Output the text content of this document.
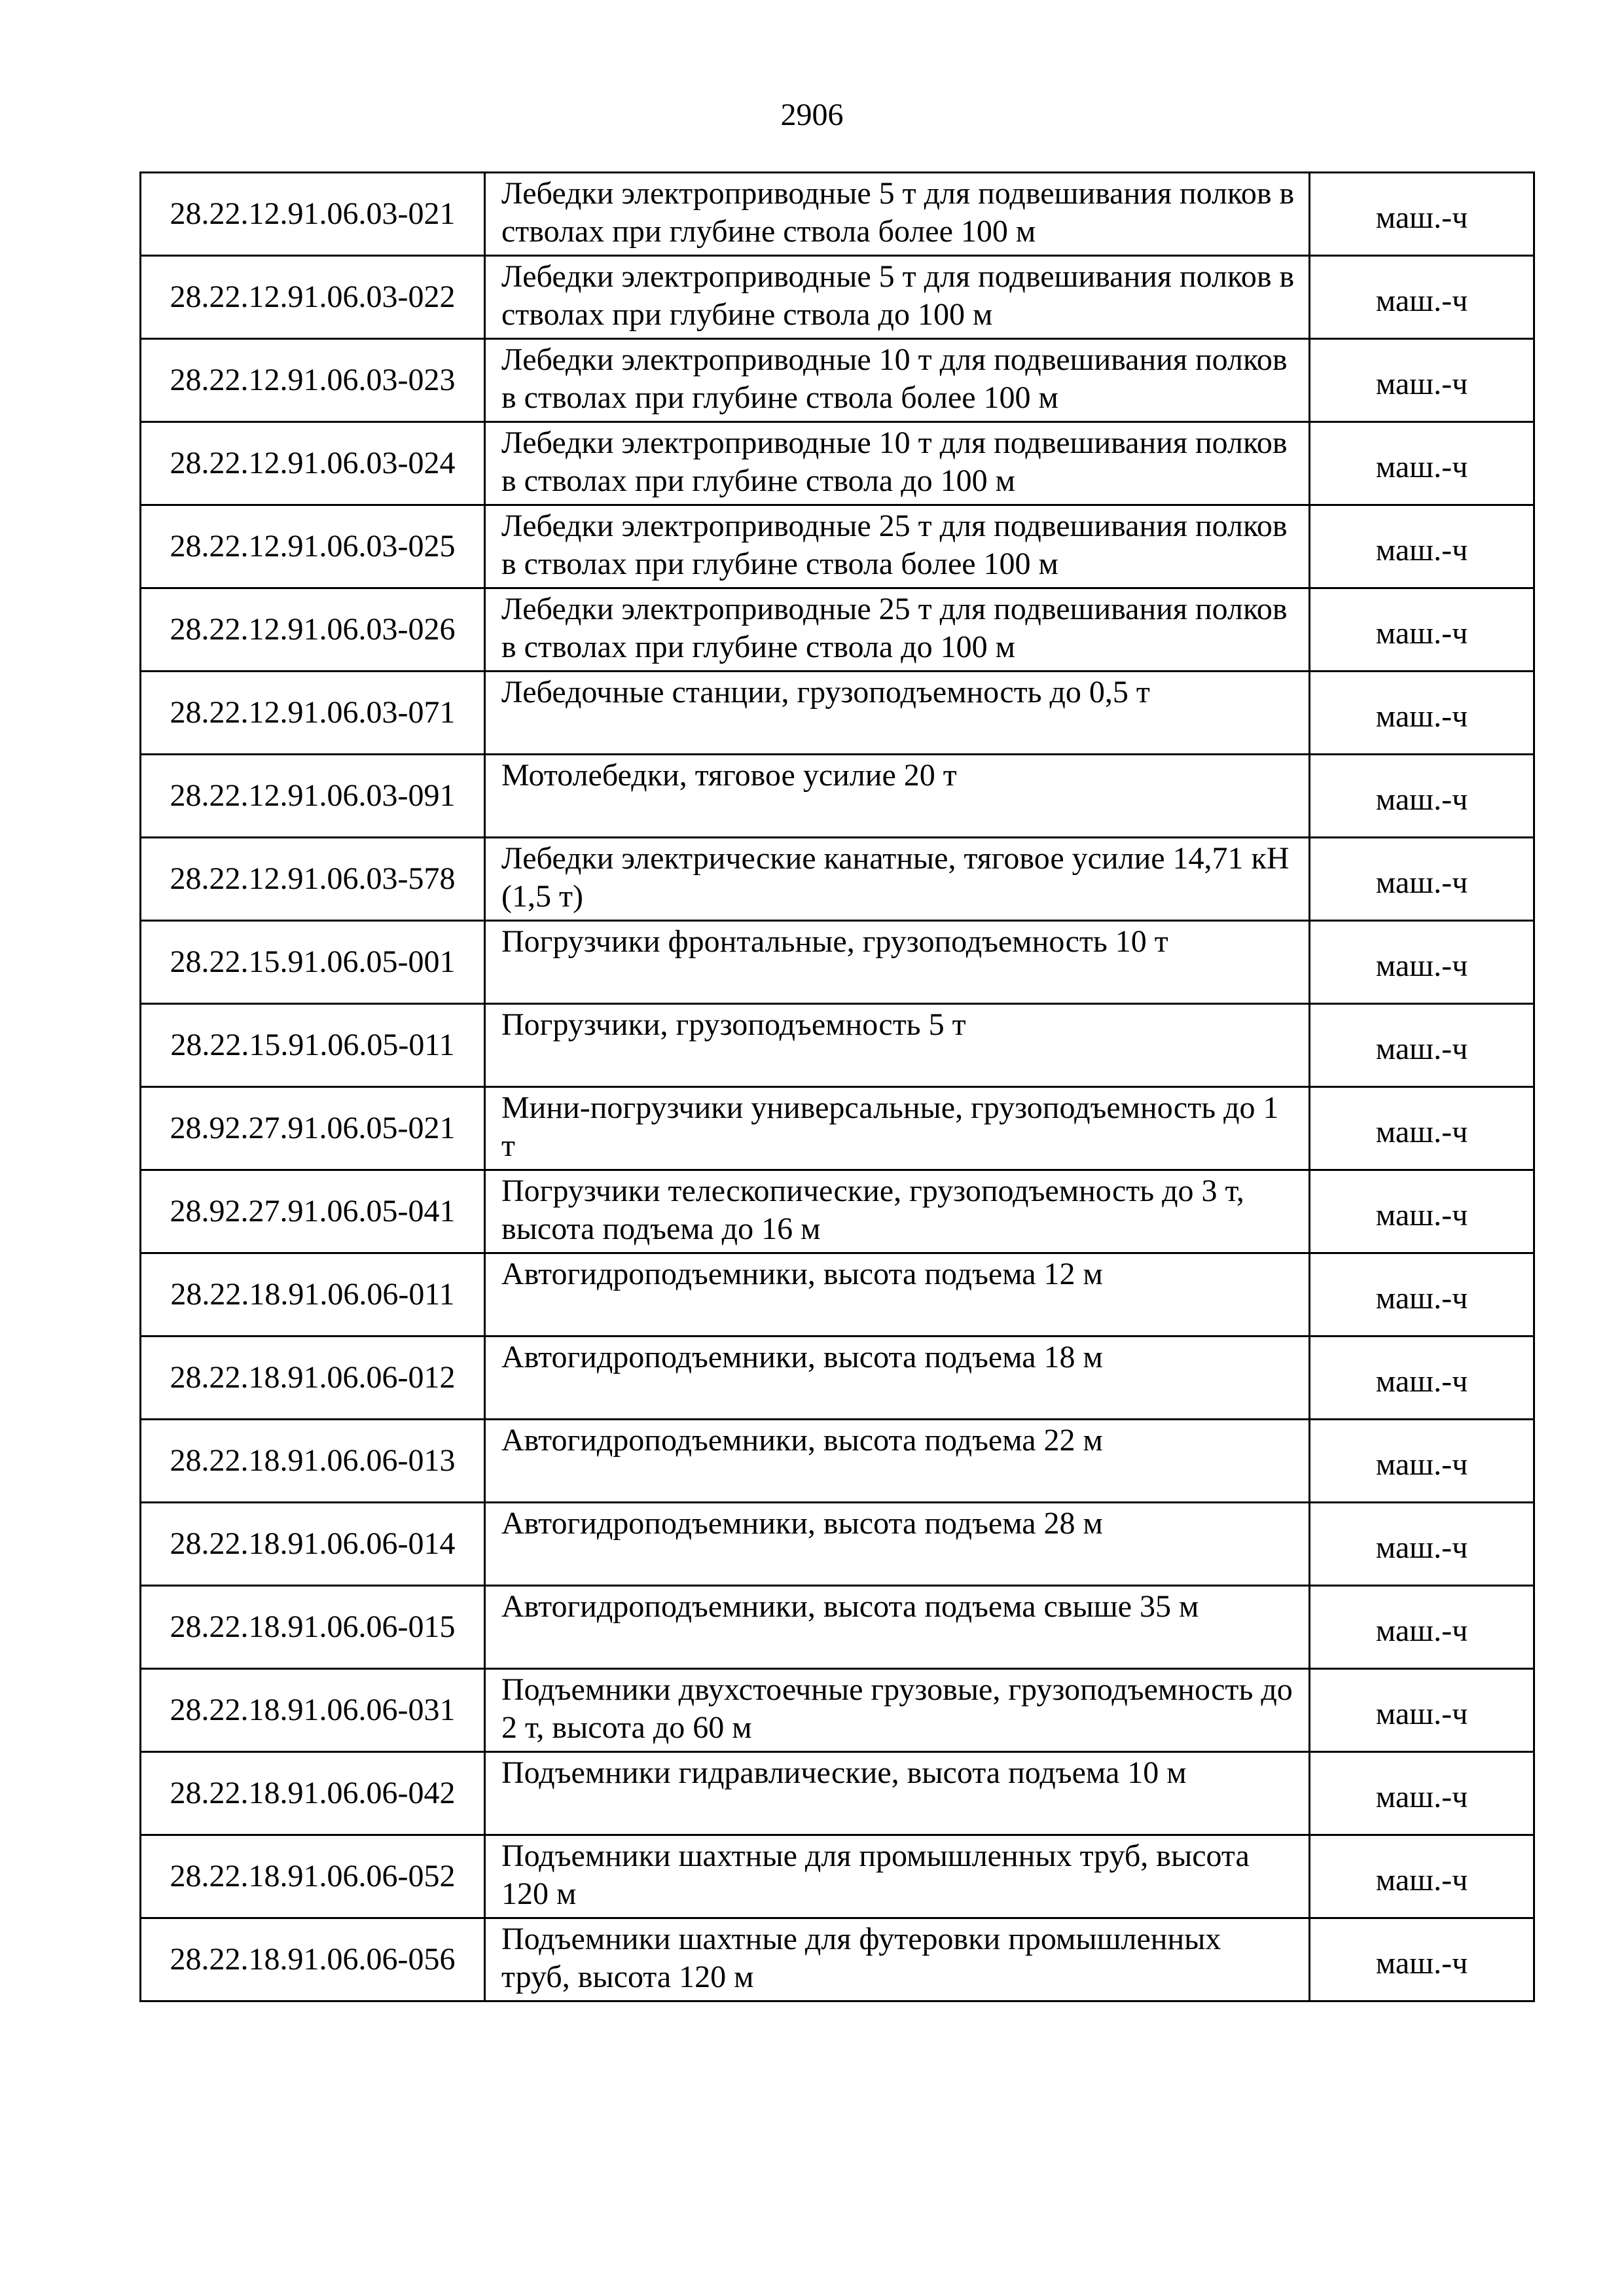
2906
28.22.12.91.06.03-021	Лебедки электроприводные 5 т для подвешивания полков в стволах при глубине ствола более 100 м	маш.-ч
28.22.12.91.06.03-022	Лебедки электроприводные 5 т для подвешивания полков в стволах при глубине ствола до 100 м	маш.-ч
28.22.12.91.06.03-023	Лебедки электроприводные 10 т для подвешивания полков в стволах при глубине ствола более 100 м	маш.-ч
28.22.12.91.06.03-024	Лебедки электроприводные 10 т для подвешивания полков в стволах при глубине ствола до 100 м	маш.-ч
28.22.12.91.06.03-025	Лебедки электроприводные 25 т для подвешивания полков в стволах при глубине ствола более 100 м	маш.-ч
28.22.12.91.06.03-026	Лебедки электроприводные 25 т для подвешивания полков в стволах при глубине ствола до 100 м	маш.-ч
28.22.12.91.06.03-071	Лебедочные станции, грузоподъемность до 0,5 т	маш.-ч
28.22.12.91.06.03-091	Мотолебедки, тяговое усилие 20 т	маш.-ч
28.22.12.91.06.03-578	Лебедки электрические канатные, тяговое усилие 14,71 кН (1,5 т)	маш.-ч
28.22.15.91.06.05-001	Погрузчики фронтальные, грузоподъемность 10 т	маш.-ч
28.22.15.91.06.05-011	Погрузчики, грузоподъемность 5 т	маш.-ч
28.92.27.91.06.05-021	Мини-погрузчики универсальные, грузоподъемность до 1 т	маш.-ч
28.92.27.91.06.05-041	Погрузчики телескопические, грузоподъемность до 3 т, высота подъема до 16 м	маш.-ч
28.22.18.91.06.06-011	Автогидроподъемники, высота подъема 12 м	маш.-ч
28.22.18.91.06.06-012	Автогидроподъемники, высота подъема 18 м	маш.-ч
28.22.18.91.06.06-013	Автогидроподъемники, высота подъема 22 м	маш.-ч
28.22.18.91.06.06-014	Автогидроподъемники, высота подъема 28 м	маш.-ч
28.22.18.91.06.06-015	Автогидроподъемники, высота подъема свыше 35 м	маш.-ч
28.22.18.91.06.06-031	Подъемники двухстоечные грузовые, грузоподъемность до 2 т, высота до 60 м	маш.-ч
28.22.18.91.06.06-042	Подъемники гидравлические, высота подъема 10 м	маш.-ч
28.22.18.91.06.06-052	Подъемники шахтные для промышленных труб, высота 120 м	маш.-ч
28.22.18.91.06.06-056	Подъемники шахтные для футеровки промышленных труб, высота 120 м	маш.-ч
